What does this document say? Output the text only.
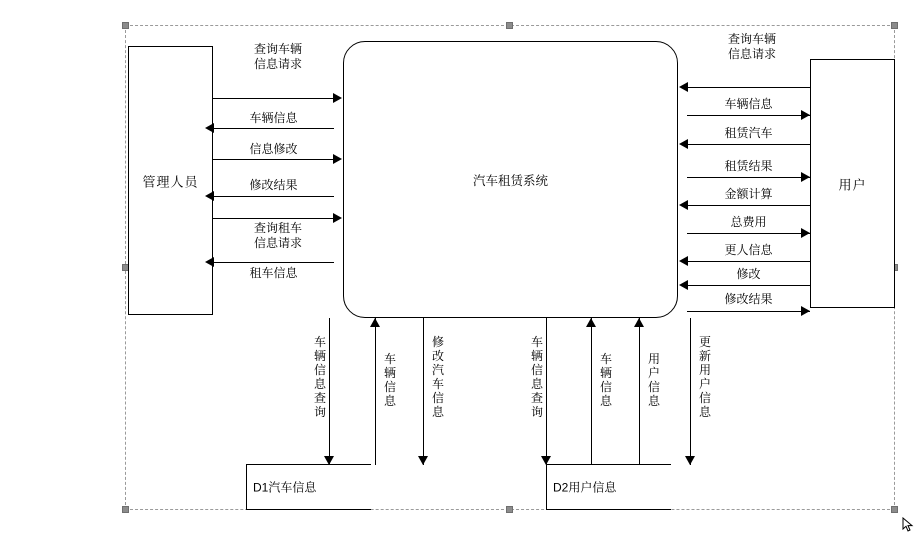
管理人员	汽车租赁系统	用户
D1汽车信息	D2用户信息
查询车辆
信息请求
车辆信息
信息修改
修改结果
查询租车
信息请求
租车信息
查询车辆
信息请求
车辆信息
租赁汽车
租赁结果
金额计算
总费用
更人信息
修改
修改结果
车辆信息查询
车辆信息
修改汽车信息
车辆信息查询
车辆信息
用户信息
更新用户信息
